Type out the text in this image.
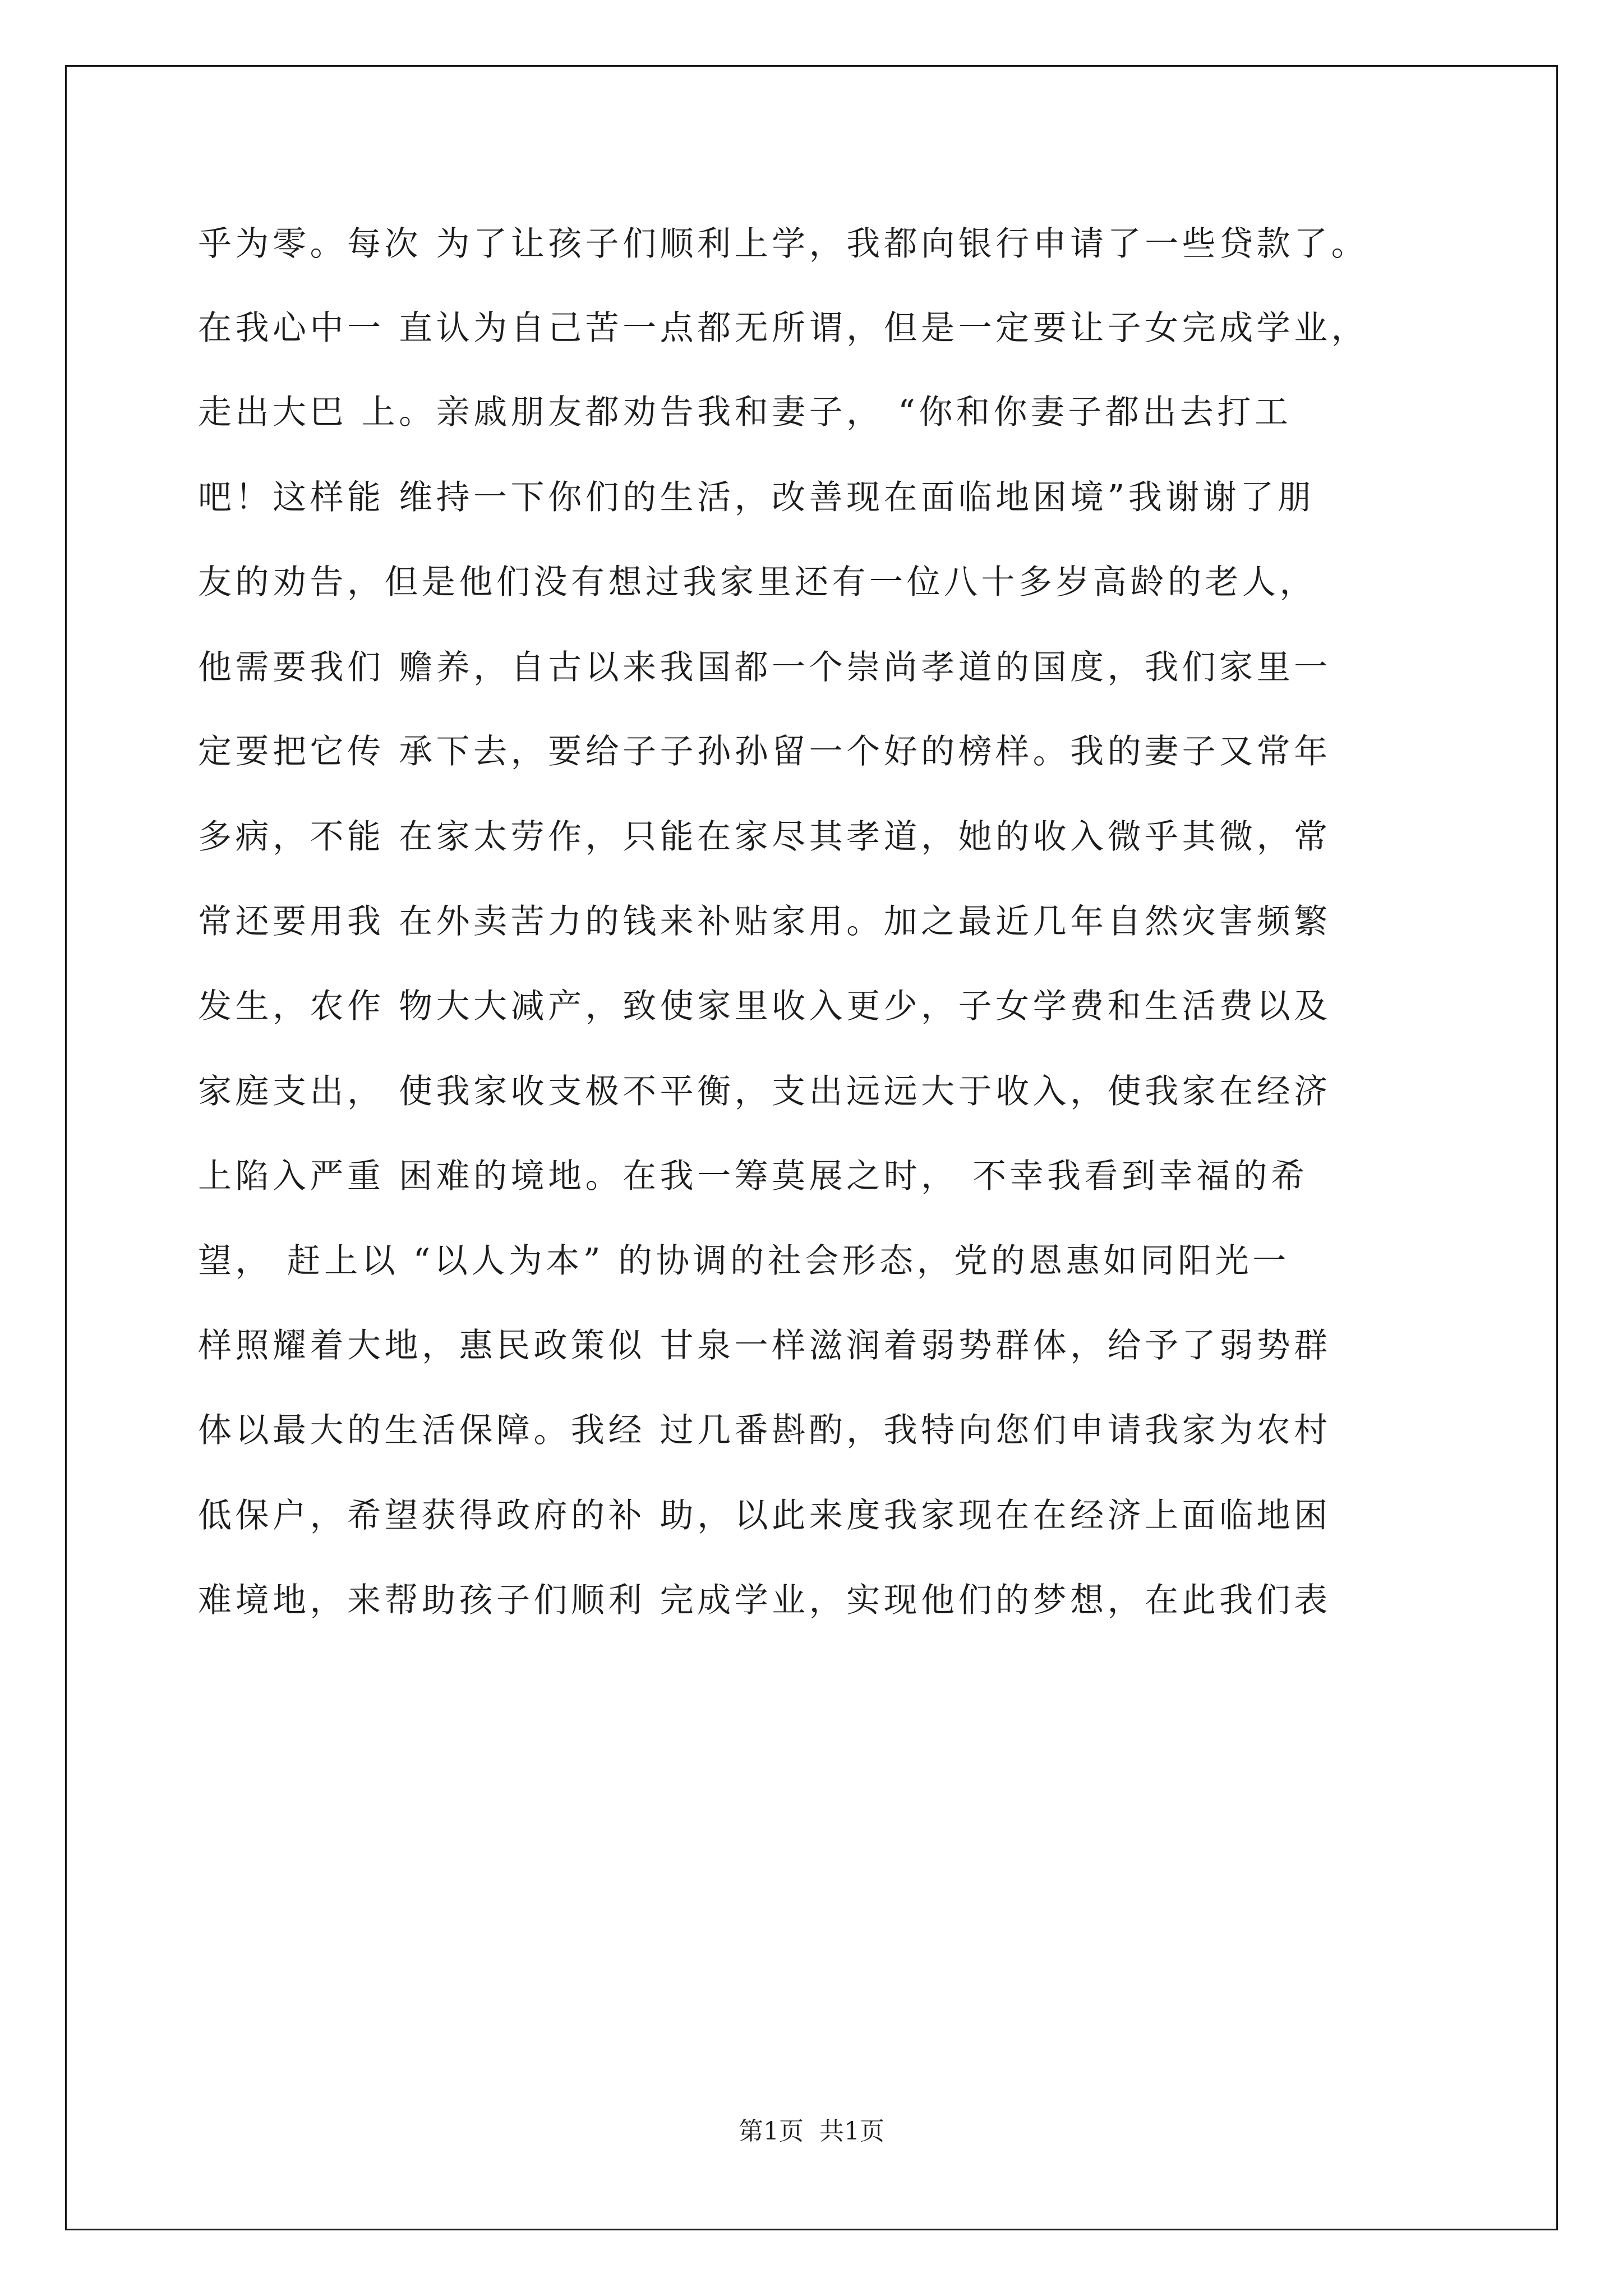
乎为零。每次 为了让孩子们顺利上学，我都向银行申请了一些贷款了。
在我心中一 直认为自己苦一点都无所谓，但是一定要让子女完成学业，
走出大巴 上。亲戚朋友都劝告我和妻子， “你和你妻子都出去打工
吧！这样能 维持一下你们的生活，改善现在面临地困境”我谢谢了朋
友的劝告，但是他们没有想过我家里还有一位八十多岁高龄的老人，
他需要我们 赡养，自古以来我国都一个崇尚孝道的国度，我们家里一
定要把它传 承下去，要给子子孙孙留一个好的榜样。我的妻子又常年
多病，不能 在家太劳作，只能在家尽其孝道，她的收入微乎其微，常
常还要用我 在外卖苦力的钱来补贴家用。加之最近几年自然灾害频繁
发生，农作 物大大减产，致使家里收入更少，子女学费和生活费以及
家庭支出， 使我家收支极不平衡，支出远远大于收入，使我家在经济
上陷入严重 困难的境地。在我一筹莫展之时， 不幸我看到幸福的希
望， 赶上以 “以人为本” 的协调的社会形态，党的恩惠如同阳光一
样照耀着大地，惠民政策似 甘泉一样滋润着弱势群体，给予了弱势群
体以最大的生活保障。我经 过几番斟酌，我特向您们申请我家为农村
低保户，希望获得政府的补 助，以此来度我家现在在经济上面临地困
难境地，来帮助孩子们顺利 完成学业，实现他们的梦想，在此我们表
第1页  共1页
